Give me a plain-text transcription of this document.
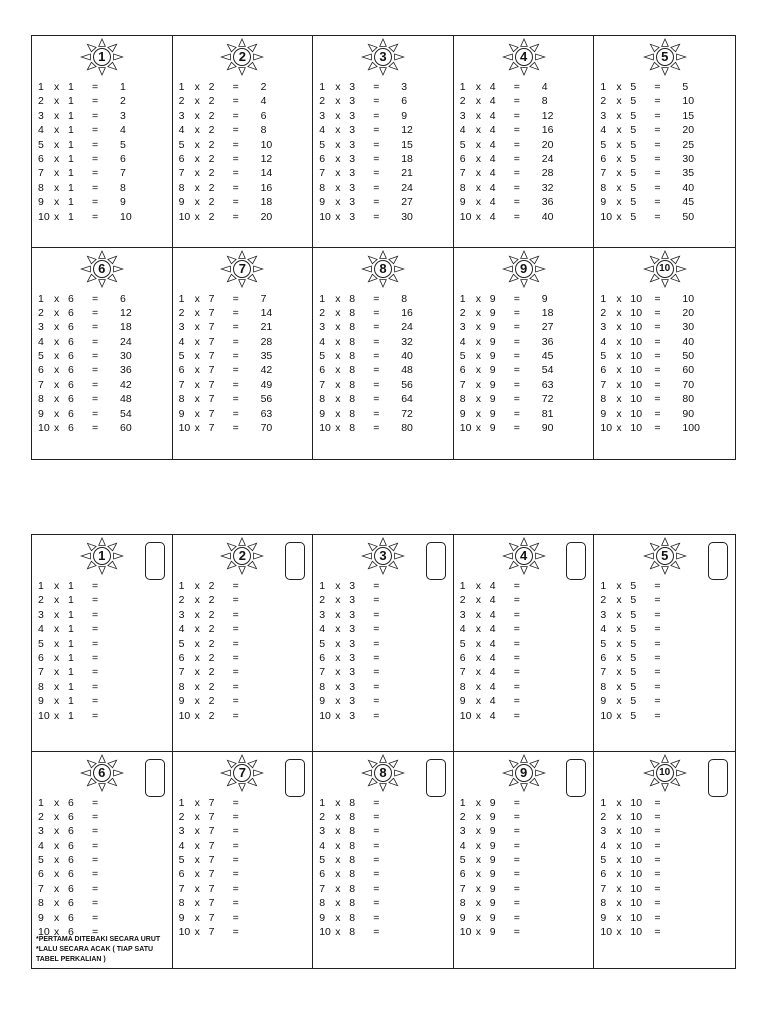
1
1 x 1 = 1
2 x 1 = 2
3 x 1 = 3
4 x 1 = 4
5 x 1 = 5
6 x 1 = 6
7 x 1 = 7
8 x 1 = 8
9 x 1 = 9
10 x 1 = 10
2
1 x 2 = 2
2 x 2 = 4
3 x 2 = 6
4 x 2 = 8
5 x 2 = 10
6 x 2 = 12
7 x 2 = 14
8 x 2 = 16
9 x 2 = 18
10 x 2 = 20
3
1 x 3 = 3
2 x 3 = 6
3 x 3 = 9
4 x 3 = 12
5 x 3 = 15
6 x 3 = 18
7 x 3 = 21
8 x 3 = 24
9 x 3 = 27
10 x 3 = 30
4
1 x 4 = 4
2 x 4 = 8
3 x 4 = 12
4 x 4 = 16
5 x 4 = 20
6 x 4 = 24
7 x 4 = 28
8 x 4 = 32
9 x 4 = 36
10 x 4 = 40
5
1 x 5 = 5
2 x 5 = 10
3 x 5 = 15
4 x 5 = 20
5 x 5 = 25
6 x 5 = 30
7 x 5 = 35
8 x 5 = 40
9 x 5 = 45
10 x 5 = 50
6
1 x 6 = 6
2 x 6 = 12
3 x 6 = 18
4 x 6 = 24
5 x 6 = 30
6 x 6 = 36
7 x 6 = 42
8 x 6 = 48
9 x 6 = 54
10 x 6 = 60
7
1 x 7 = 7
2 x 7 = 14
3 x 7 = 21
4 x 7 = 28
5 x 7 = 35
6 x 7 = 42
7 x 7 = 49
8 x 7 = 56
9 x 7 = 63
10 x 7 = 70
8
1 x 8 = 8
2 x 8 = 16
3 x 8 = 24
4 x 8 = 32
5 x 8 = 40
6 x 8 = 48
7 x 8 = 56
8 x 8 = 64
9 x 8 = 72
10 x 8 = 80
9
1 x 9 = 9
2 x 9 = 18
3 x 9 = 27
4 x 9 = 36
5 x 9 = 45
6 x 9 = 54
7 x 9 = 63
8 x 9 = 72
9 x 9 = 81
10 x 9 = 90
10
1 x 10 = 10
2 x 10 = 20
3 x 10 = 30
4 x 10 = 40
5 x 10 = 50
6 x 10 = 60
7 x 10 = 70
8 x 10 = 80
9 x 10 = 90
10 x 10 = 100
1
1 x 1 =
2 x 1 =
3 x 1 =
4 x 1 =
5 x 1 =
6 x 1 =
7 x 1 =
8 x 1 =
9 x 1 =
10 x 1 =
2
1 x 2 =
2 x 2 =
3 x 2 =
4 x 2 =
5 x 2 =
6 x 2 =
7 x 2 =
8 x 2 =
9 x 2 =
10 x 2 =
3
1 x 3 =
2 x 3 =
3 x 3 =
4 x 3 =
5 x 3 =
6 x 3 =
7 x 3 =
8 x 3 =
9 x 3 =
10 x 3 =
4
1 x 4 =
2 x 4 =
3 x 4 =
4 x 4 =
5 x 4 =
6 x 4 =
7 x 4 =
8 x 4 =
9 x 4 =
10 x 4 =
5
1 x 5 =
2 x 5 =
3 x 5 =
4 x 5 =
5 x 5 =
6 x 5 =
7 x 5 =
8 x 5 =
9 x 5 =
10 x 5 =
6
1 x 6 =
2 x 6 =
3 x 6 =
4 x 6 =
5 x 6 =
6 x 6 =
7 x 6 =
8 x 6 =
9 x 6 =
10 x 6 =
*PERTAMA DITEBAKI SECARA URUT
*LALU SECARA ACAK ( TIAP SATU
TABEL PERKALIAN )
7
1 x 7 =
2 x 7 =
3 x 7 =
4 x 7 =
5 x 7 =
6 x 7 =
7 x 7 =
8 x 7 =
9 x 7 =
10 x 7 =
8
1 x 8 =
2 x 8 =
3 x 8 =
4 x 8 =
5 x 8 =
6 x 8 =
7 x 8 =
8 x 8 =
9 x 8 =
10 x 8 =
9
1 x 9 =
2 x 9 =
3 x 9 =
4 x 9 =
5 x 9 =
6 x 9 =
7 x 9 =
8 x 9 =
9 x 9 =
10 x 9 =
10
1 x 10 =
2 x 10 =
3 x 10 =
4 x 10 =
5 x 10 =
6 x 10 =
7 x 10 =
8 x 10 =
9 x 10 =
10 x 10 =
